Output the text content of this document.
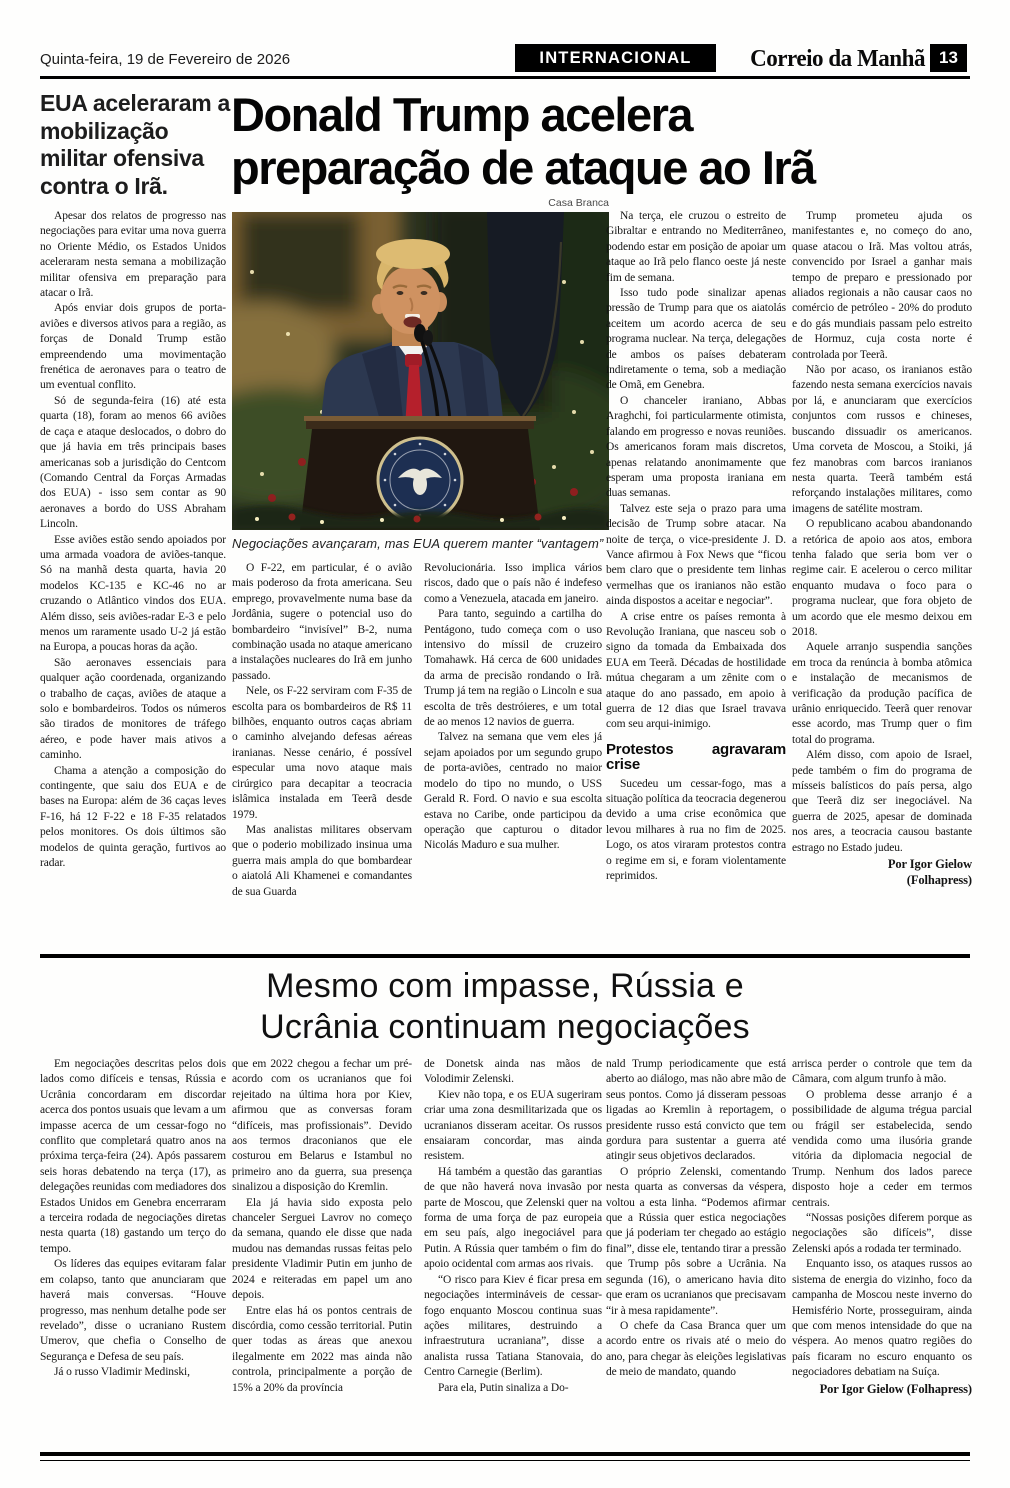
Quinta-feira, 19 de Fevereiro de 2026	INTERNACIONAL	Correio da Manhã 13
EUA aceleraram a mobilização militar ofensiva contra o Irã.
Donald Trump acelera
preparação de ataque ao Irã
Casa Branca
Negociações avançaram, mas EUA querem manter “vantagem”

Apesar dos relatos de progresso nas negociações para evitar uma nova guerra no Oriente Médio, os Estados Unidos aceleraram nesta semana a mobilização militar ofensiva em preparação para atacar o Irã.

Após enviar dois grupos de porta-aviões e diversos ativos para a região, as forças de Donald Trump estão empreendendo uma movimentação frenética de aeronaves para o teatro de um eventual conflito.

Só de segunda-feira (16) até esta quarta (18), foram ao menos 66 aviões de caça e ataque deslocados, o dobro do que já havia em três principais bases americanas sob a jurisdição do Centcom (Comando Central da Forças Armadas dos EUA) - isso sem contar as 90 aeronaves a bordo do USS Abraham Lincoln.

Esse aviões estão sendo apoiados por uma armada voadora de aviões-tanque. Só na manhã desta quarta, havia 20 modelos KC-135 e KC-46 no ar cruzando o Atlântico vindos dos EUA. Além disso, seis aviões-radar E-3 e pelo menos um raramente usado U-2 já estão na Europa, a poucas horas da ação.

São aeronaves essenciais para qualquer ação coordenada, organizando o trabalho de caças, aviões de ataque a solo e bombardeiros. Todos os números são tirados de monitores de tráfego aéreo, e pode haver mais ativos a caminho.

Chama a atenção a composição do contingente, que saiu dos EUA e de bases na Europa: além de 36 caças leves F-16, há 12 F-22 e 18 F-35 relatados pelos monitores. Os dois últimos são modelos de quinta geração, furtivos ao radar.

O F-22, em particular, é o avião mais poderoso da frota americana. Seu emprego, provavelmente numa base da Jordânia, sugere o potencial uso do bombardeiro “invisível” B-2, numa combinação usada no ataque americano a instalações nucleares do Irã em junho passado.

Nele, os F-22 serviram com F-35 de escolta para os bombardeiros de R$ 11 bilhões, enquanto outros caças abriam o caminho alvejando defesas aéreas iranianas. Nesse cenário, é possível especular uma novo ataque mais cirúrgico para decapitar a teocracia islâmica instalada em Teerã desde 1979.

Mas analistas militares observam que o poderio mobilizado insinua uma guerra mais ampla do que bombardear o aiatolá Ali Khamenei e comandantes de sua Guarda

Revolucionária. Isso implica vários riscos, dado que o país não é indefeso como a Venezuela, atacada em janeiro.

Para tanto, seguindo a cartilha do Pentágono, tudo começa com o uso intensivo do míssil de cruzeiro Tomahawk. Há cerca de 600 unidades da arma de precisão rondando o Irã. Trump já tem na região o Lincoln e sua escolta de três destróieres, e um total de ao menos 12 navios de guerra.

Talvez na semana que vem eles já sejam apoiados por um segundo grupo de porta-aviões, centrado no maior modelo do tipo no mundo, o USS Gerald R. Ford. O navio e sua escolta estava no Caribe, onde participou da operação que capturou o ditador Nicolás Maduro e sua mulher.

Na terça, ele cruzou o estreito de Gibraltar e entrando no Mediterrâneo, podendo estar em posição de apoiar um ataque ao Irã pelo flanco oeste já neste fim de semana.

Isso tudo pode sinalizar apenas pressão de Trump para que os aiatolás aceitem um acordo acerca de seu programa nuclear. Na terça, delegações de ambos os países debateram indiretamente o tema, sob a mediação de Omã, em Genebra.

O chanceler iraniano, Abbas Araghchi, foi particularmente otimista, falando em progresso e novas reuniões. Os americanos foram mais discretos, apenas relatando anonimamente que esperam uma proposta iraniana em duas semanas.

Talvez este seja o prazo para uma decisão de Trump sobre atacar. Na noite de terça, o vice-presidente J. D. Vance afirmou à Fox News que “ficou bem claro que o presidente tem linhas vermelhas que os iranianos não estão ainda dispostos a aceitar e negociar”.

A crise entre os países remonta à Revolução Iraniana, que nasceu sob o signo da tomada da Embaixada dos EUA em Teerã. Décadas de hostilidade mútua chegaram a um zênite com o ataque do ano passado, em apoio à guerra de 12 dias que Israel travava com seu arqui-inimigo.

Protestos agravaram crise

Sucedeu um cessar-fogo, mas a situação política da teocracia degenerou devido a uma crise econômica que levou milhares à rua no fim de 2025. Logo, os atos viraram protestos contra o regime em si, e foram violentamente reprimidos.

Trump prometeu ajuda os manifestantes e, no começo do ano, quase atacou o Irã. Mas voltou atrás, convencido por Israel a ganhar mais tempo de preparo e pressionado por aliados regionais a não causar caos no comércio de petróleo - 20% do produto e do gás mundiais passam pelo estreito de Hormuz, cuja costa norte é controlada por Teerã.

Não por acaso, os iranianos estão fazendo nesta semana exercícios navais por lá, e anunciaram que exercícios conjuntos com russos e chineses, buscando dissuadir os americanos. Uma corveta de Moscou, a Stoiki, já fez manobras com barcos iranianos nesta quarta. Teerã também está reforçando instalações militares, como imagens de satélite mostram.

O republicano acabou abandonando a retórica de apoio aos atos, embora tenha falado que seria bom ver o regime cair. E acelerou o cerco militar enquanto mudava o foco para o programa nuclear, que fora objeto de um acordo que ele mesmo deixou em 2018.

Aquele arranjo suspendia sanções em troca da renúncia à bomba atômica e instalação de mecanismos de verificação da produção pacífica de urânio enriquecido. Teerã quer renovar esse acordo, mas Trump quer o fim total do programa.

Além disso, com apoio de Israel, pede também o fim do programa de mísseis balísticos do país persa, algo que Teerã diz ser inegociável. Na guerra de 2025, apesar de dominada nos ares, a teocracia causou bastante estrago no Estado judeu.

Por Igor Gielow
(Folhapress)

Mesmo com impasse, Rússia e
Ucrânia continuam negociações

Em negociações descritas pelos dois lados como difíceis e tensas, Rússia e Ucrânia concordaram em discordar acerca dos pontos usuais que levam a um impasse acerca de um cessar-fogo no conflito que completará quatro anos na próxima terça-feira (24). Após passarem seis horas debatendo na terça (17), as delegações reunidas com mediadores dos Estados Unidos em Genebra encerraram a terceira rodada de negociações diretas nesta quarta (18) gastando um terço do tempo.

Os líderes das equipes evitaram falar em colapso, tanto que anunciaram que haverá mais conversas. “Houve progresso, mas nenhum detalhe pode ser revelado”, disse o ucraniano Rustem Umerov, que chefia o Conselho de Segurança e Defesa de seu país.

Já o russo Vladimir Medinski,

que em 2022 chegou a fechar um pré-acordo com os ucranianos que foi rejeitado na última hora por Kiev, afirmou que as conversas foram “difíceis, mas profissionais”. Devido aos termos draconianos que ele costurou em Belarus e Istambul no primeiro ano da guerra, sua presença sinalizou a disposição do Kremlin.

Ela já havia sido exposta pelo chanceler Serguei Lavrov no começo da semana, quando ele disse que nada mudou nas demandas russas feitas pelo presidente Vladimir Putin em junho de 2024 e reiteradas em papel um ano depois.

Entre elas há os pontos centrais de discórdia, como cessão territorial. Putin quer todas as áreas que anexou ilegalmente em 2022 mas ainda não controla, principalmente a porção de 15% a 20% da província

de Donetsk ainda nas mãos de Volodimir Zelenski.

Kiev não topa, e os EUA sugeriram criar uma zona desmilitarizada que os ucranianos disseram aceitar. Os russos ensaiaram concordar, mas ainda resistem.

Há também a questão das garantias de que não haverá nova invasão por parte de Moscou, que Zelenski quer na forma de uma força de paz europeia em seu país, algo inegociável para Putin. A Rússia quer também o fim do apoio ocidental com armas aos rivais.

“O risco para Kiev é ficar presa em negociações intermináveis de cessar-fogo enquanto Moscou continua suas ações militares, destruindo a infraestrutura ucraniana”, disse a analista russa Tatiana Stanovaia, do Centro Carnegie (Berlim).

Para ela, Putin sinaliza a Do-

nald Trump periodicamente que está aberto ao diálogo, mas não abre mão de seus pontos. Como já disseram pessoas ligadas ao Kremlin à reportagem, o presidente russo está convicto que tem gordura para sustentar a guerra até atingir seus objetivos declarados.

O próprio Zelenski, comentando nesta quarta as conversas da véspera, voltou a esta linha. “Podemos afirmar que a Rússia quer estica negociações que já poderiam ter chegado ao estágio final”, disse ele, tentando tirar a pressão que Trump pôs sobre a Ucrânia. Na segunda (16), o americano havia dito que eram os ucranianos que precisavam “ir à mesa rapidamente”.

O chefe da Casa Branca quer um acordo entre os rivais até o meio do ano, para chegar às eleições legislativas de meio de mandato, quando

arrisca perder o controle que tem da Câmara, com algum trunfo à mão.

O problema desse arranjo é a possibilidade de alguma trégua parcial ou frágil ser estabelecida, sendo vendida como uma ilusória grande vitória da diplomacia negocial de Trump. Nenhum dos lados parece disposto hoje a ceder em termos centrais.

“Nossas posições diferem porque as negociações são difíceis”, disse Zelenski após a rodada ter terminado.

Enquanto isso, os ataques russos ao sistema de energia do vizinho, foco da campanha de Moscou neste inverno do Hemisfério Norte, prosseguiram, ainda que com menos intensidade do que na véspera. Ao menos quatro regiões do país ficaram no escuro enquanto os negociadores debatiam na Suíça.

Por Igor Gielow (Folhapress)
